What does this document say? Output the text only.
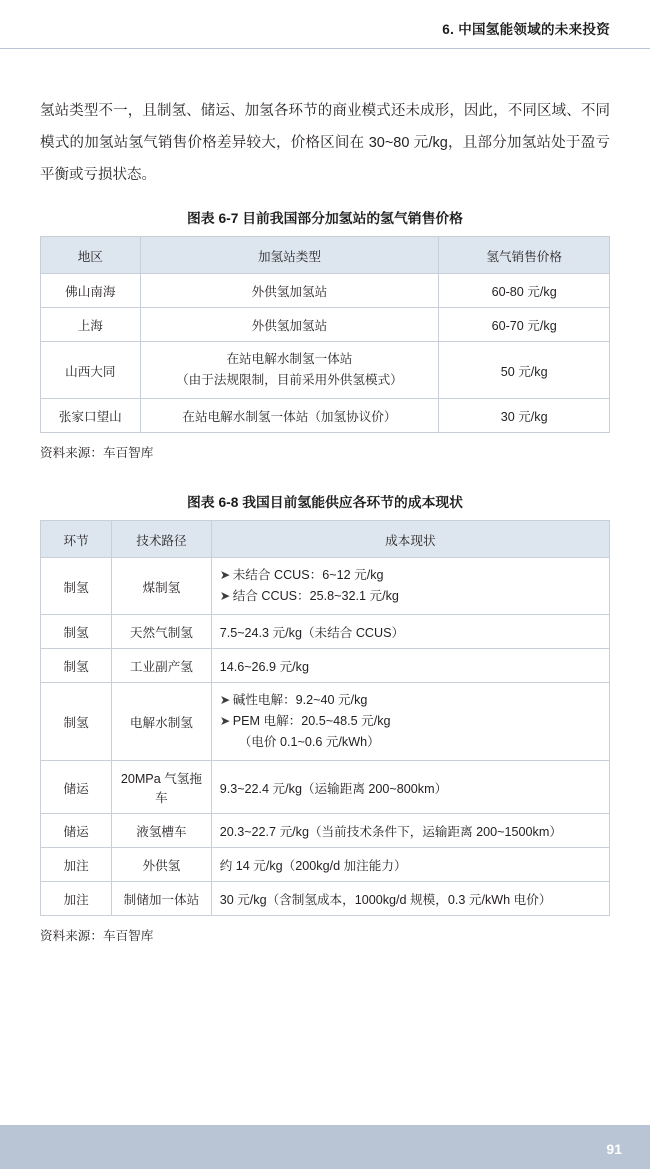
6. 中国氢能领域的未来投资

氢站类型不一，且制氢、储运、加氢各环节的商业模式还未成形，因此，不同区域、不同模式的加氢站氢气销售价格差异较大，价格区间在 30~80 元/kg，且部分加氢站处于盈亏平衡或亏损状态。

图表 6-7 目前我国部分加氢站的氢气销售价格
地区	加氢站类型	氢气销售价格
佛山南海	外供氢加氢站	60-80 元/kg
上海	外供氢加氢站	60-70 元/kg
山西大同	在站电解水制氢一体站
（由于法规限制，目前采用外供氢模式）	50 元/kg
张家口望山	在站电解水制氢一体站（加氢协议价）	30 元/kg

资料来源：车百智库

图表 6-8 我国目前氢能供应各环节的成本现状
环节	技术路径	成本现状
制氢	煤制氢	➤ 未结合 CCUS：6~12 元/kg
➤ 结合 CCUS：25.8~32.1 元/kg

制氢	天然气制氢	7.5~24.3 元/kg（未结合 CCUS）
制氢	工业副产氢	14.6~26.9 元/kg
制氢	电解水制氢	➤ 碱性电解：9.2~40 元/kg
➤ PEM 电解：20.5~48.5 元/kg
（电价 0.1~0.6 元/kWh）

储运	20MPa 气氢拖车	9.3~22.4 元/kg（运输距离 200~800km）
储运	液氢槽车	20.3~22.7 元/kg（当前技术条件下，运输距离 200~1500km）
加注	外供氢	约 14 元/kg（200kg/d 加注能力）
加注	制储加一体站	30 元/kg（含制氢成本，1000kg/d 规模，0.3 元/kWh 电价）

资料来源：车百智库

91
